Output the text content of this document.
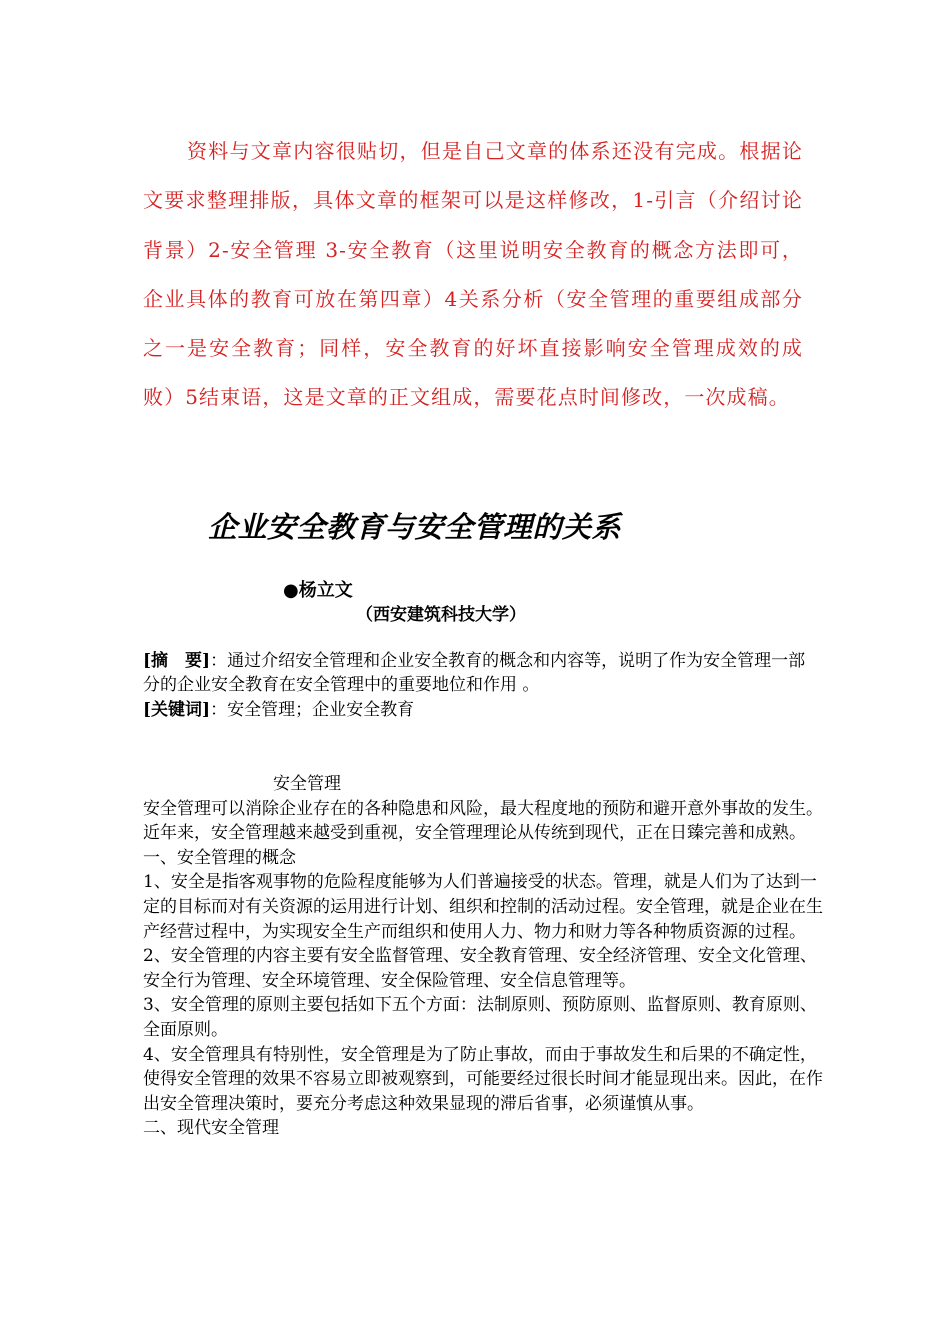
资料与文章内容很贴切，但是自己文章的体系还没有完成。根据论文要求整理排版，具体文章的框架可以是这样修改，1-引言（介绍讨论背景）2-安全管理 3-安全教育（这里说明安全教育的概念方法即可，企业具体的教育可放在第四章）4关系分析（安全管理的重要组成部分之一是安全教育；同样，安全教育的好坏直接影响安全管理成效的成败）5结束语，这是文章的正文组成，需要花点时间修改，一次成稿。
企业安全教育与安全管理的关系
●杨立文
（西安建筑科技大学）
[摘　要]：通过介绍安全管理和企业安全教育的概念和内容等，说明了作为安全管理一部分的企业安全教育在安全管理中的重要地位和作用 。
[关键词]：安全管理；企业安全教育

安全管理

安全管理可以消除企业存在的各种隐患和风险，最大程度地的预防和避开意外事故的发生。近年来，安全管理越来越受到重视，安全管理理论从传统到现代，正在日臻完善和成熟。

一、安全管理的概念

1、安全是指客观事物的危险程度能够为人们普遍接受的状态。管理，就是人们为了达到一定的目标而对有关资源的运用进行计划、组织和控制的活动过程。安全管理，就是企业在生产经营过程中，为实现安全生产而组织和使用人力、物力和财力等各种物质资源的过程。

2、安全管理的内容主要有安全监督管理、安全教育管理、安全经济管理、安全文化管理、安全行为管理、安全环境管理、安全保险管理、安全信息管理等。

3、安全管理的原则主要包括如下五个方面：法制原则、预防原则、监督原则、教育原则、全面原则。

4、安全管理具有特别性，安全管理是为了防止事故，而由于事故发生和后果的不确定性，使得安全管理的效果不容易立即被观察到，可能要经过很长时间才能显现出来。因此，在作出安全管理决策时，要充分考虑这种效果显现的滞后省事，必须谨慎从事。

二、现代安全管理
